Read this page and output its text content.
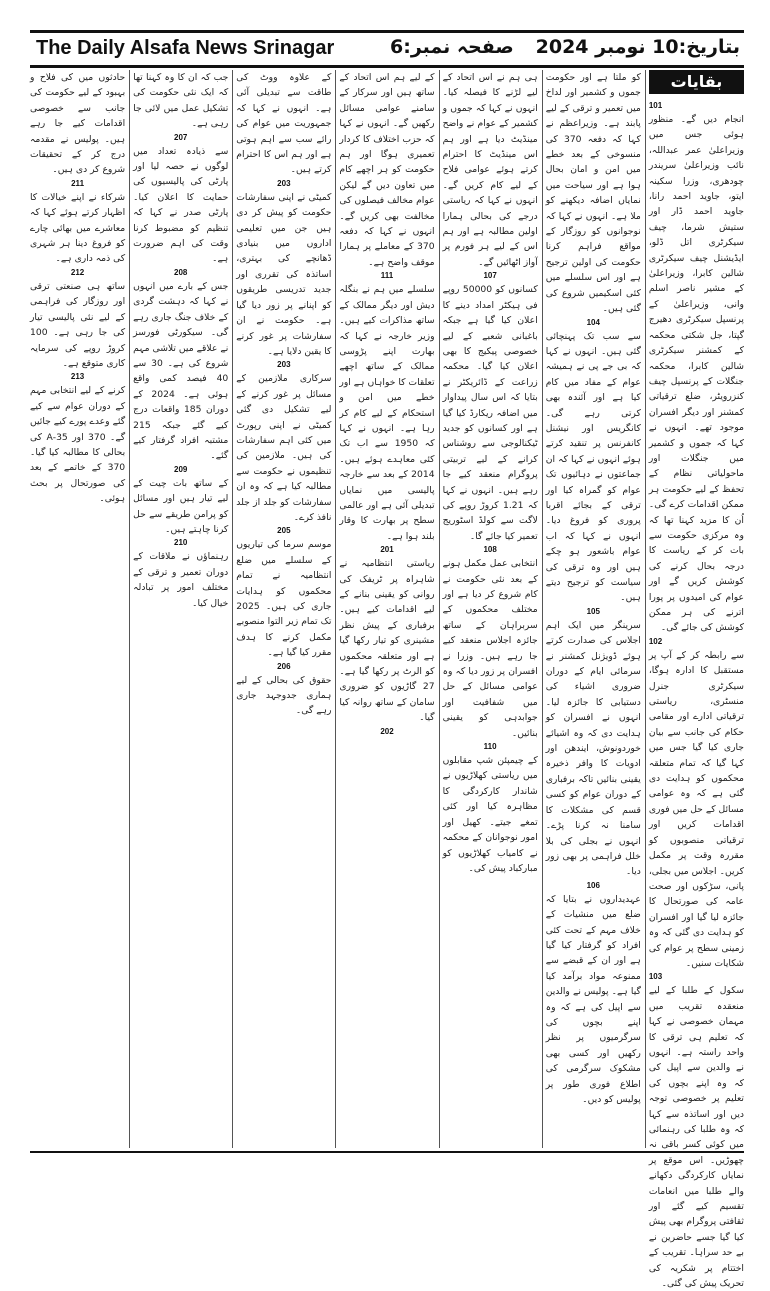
The Daily Alsafa News Srinagar	صفحہ نمبر:6 بتاریخ:10 نومبر 2024
بقایات
101
انجام دیں گے۔ منظور ہوئی جس میں وزیراعلیٰ عمر عبداللہ، نائب وزیراعلیٰ سریندر چودھری، وزرا سکینہ ایتو، جاوید احمد رانا، جاوید احمد ڈار اور ستیش شرما، چیف سیکرٹری اتل ڈلو، ایڈیشنل چیف سیکرٹری شالین کابرا، وزیراعلیٰ کے مشیر ناصر اسلم وانی، وزیراعلیٰ کے پرنسپل سیکرٹری دھیرج گپتا، جل شکتی محکمہ کے کمشنر سیکرٹری شالین کابرا، محکمہ جنگلات کے پرنسپل چیف کنزرویٹر، ضلع ترقیاتی کمشنر اور دیگر افسران موجود تھے۔ انہوں نے کہا کہ جموں و کشمیر میں جنگلات اور ماحولیاتی نظام کے تحفظ کے لیے حکومت ہر ممکن اقدامات کرے گی۔ اُن کا مزید کہنا تھا کہ وہ مرکزی حکومت سے بات کر کے ریاست کا درجہ بحال کرنے کی کوشش کریں گے اور عوام کی امیدوں پر پورا اترنے کی ہر ممکن کوشش کی جائے گی۔
102
سے رابطہ کر کے آپ پر مستقبل کا ادارہ ہوگا، سیکرٹری جنرل منسٹری، ریاستی ترقیاتی ادارے اور مقامی حکام کی جانب سے بیان جاری کیا گیا جس میں کہا گیا کہ تمام متعلقہ محکموں کو ہدایت دی گئی ہے کہ وہ عوامی مسائل کے حل میں فوری اقدامات کریں اور ترقیاتی منصوبوں کو مقررہ وقت پر مکمل کریں۔ اجلاس میں بجلی، پانی، سڑکوں اور صحت عامہ کی صورتحال کا جائزہ لیا گیا اور افسران کو ہدایت دی گئی کہ وہ زمینی سطح پر عوام کی شکایات سنیں۔
103
سکول کے طلبا کے لیے منعقدہ تقریب میں مہمان خصوصی نے کہا کہ تعلیم ہی ترقی کا واحد راستہ ہے۔ انہوں نے والدین سے اپیل کی کہ وہ اپنے بچوں کی تعلیم پر خصوصی توجہ دیں اور اساتذہ سے کہا کہ وہ طلبا کی رہنمائی میں کوئی کسر باقی نہ چھوڑیں۔ اس موقع پر نمایاں کارکردگی دکھانے والے طلبا میں انعامات تقسیم کیے گئے اور ثقافتی پروگرام بھی پیش کیا گیا جسے حاضرین نے بے حد سراہا۔ تقریب کے اختتام پر شکریہ کی تحریک پیش کی گئی۔
کو ملتا ہے اور حکومت جموں و کشمیر اور لداخ میں تعمیر و ترقی کے لیے پابند ہے۔ وزیراعظم نے کہا کہ دفعہ 370 کی منسوخی کے بعد خطے میں امن و امان بحال ہوا ہے اور سیاحت میں نمایاں اضافہ دیکھنے کو ملا ہے۔ انہوں نے کہا کہ نوجوانوں کو روزگار کے مواقع فراہم کرنا حکومت کی اولین ترجیح ہے اور اس سلسلے میں کئی اسکیمیں شروع کی گئی ہیں۔
104
سے سب تک پہنچائی گئی ہیں۔ انہوں نے کہا کہ بی جے پی نے ہمیشہ عوام کے مفاد میں کام کیا ہے اور آئندہ بھی کرتی رہے گی۔ کانگریس اور نیشنل کانفرنس پر تنقید کرتے ہوئے انہوں نے کہا کہ ان جماعتوں نے دہائیوں تک عوام کو گمراہ کیا اور ترقی کے بجائے اقربا پروری کو فروغ دیا۔ انہوں نے کہا کہ اب عوام باشعور ہو چکے ہیں اور وہ ترقی کی سیاست کو ترجیح دیتے ہیں۔
105
سرینگر میں ایک اہم اجلاس کی صدارت کرتے ہوئے ڈویژنل کمشنر نے سرمائی ایام کے دوران ضروری اشیاء کی دستیابی کا جائزہ لیا۔ انہوں نے افسران کو ہدایت دی کہ وہ اشیائے خوردونوش، ایندھن اور ادویات کا وافر ذخیرہ یقینی بنائیں تاکہ برفباری کے دوران عوام کو کسی قسم کی مشکلات کا سامنا نہ کرنا پڑے۔ انہوں نے بجلی کی بلا خلل فراہمی پر بھی زور دیا۔
106
عہدیداروں نے بتایا کہ ضلع میں منشیات کے خلاف مہم کے تحت کئی افراد کو گرفتار کیا گیا ہے اور ان کے قبضے سے ممنوعہ مواد برآمد کیا گیا ہے۔ پولیس نے والدین سے اپیل کی ہے کہ وہ اپنے بچوں کی سرگرمیوں پر نظر رکھیں اور کسی بھی مشکوک سرگرمی کی اطلاع فوری طور پر پولیس کو دیں۔
ہی ہم نے اس اتحاد کے لیے لڑنے کا فیصلہ کیا۔ انہوں نے کہا کہ جموں و کشمیر کے عوام نے واضح مینڈیٹ دیا ہے اور ہم اس مینڈیٹ کا احترام کرتے ہوئے عوامی فلاح کے لیے کام کریں گے۔ انہوں نے کہا کہ ریاستی درجے کی بحالی ہمارا اولین مطالبہ ہے اور ہم اس کے لیے ہر فورم پر آواز اٹھائیں گے۔
107
کسانوں کو 50000 روپے فی ہیکٹر امداد دینے کا اعلان کیا گیا ہے جبکہ باغبانی شعبے کے لیے خصوصی پیکیج کا بھی اعلان کیا گیا۔ محکمہ زراعت کے ڈائریکٹر نے بتایا کہ اس سال پیداوار میں اضافہ ریکارڈ کیا گیا ہے اور کسانوں کو جدید ٹیکنالوجی سے روشناس کرانے کے لیے تربیتی پروگرام منعقد کیے جا رہے ہیں۔ انہوں نے کہا کہ 1.21 کروڑ روپے کی لاگت سے کولڈ اسٹوریج تعمیر کیا جائے گا۔
108
انتخابی عمل مکمل ہونے کے بعد نئی حکومت نے کام شروع کر دیا ہے اور مختلف محکموں کے سربراہان کے ساتھ جائزہ اجلاس منعقد کیے جا رہے ہیں۔ وزرا نے افسران پر زور دیا کہ وہ عوامی مسائل کے حل میں شفافیت اور جوابدہی کو یقینی بنائیں۔
110
کے چیمپئن شپ مقابلوں میں ریاستی کھلاڑیوں نے شاندار کارکردگی کا مظاہرہ کیا اور کئی تمغے جیتے۔ کھیل اور امور نوجوانان کے محکمہ نے کامیاب کھلاڑیوں کو مبارکباد پیش کی۔
کے لیے ہم اس اتحاد کے ساتھ ہیں اور سرکار کے سامنے عوامی مسائل رکھیں گے۔ انہوں نے کہا کہ حزب اختلاف کا کردار تعمیری ہوگا اور ہم حکومت کو ہر اچھے کام میں تعاون دیں گے لیکن عوام مخالف فیصلوں کی مخالفت بھی کریں گے۔ انہوں نے کہا کہ دفعہ 370 کے معاملے پر ہمارا موقف واضح ہے۔
111
سلسلے میں ہم نے بنگلہ دیش اور دیگر ممالک کے ساتھ مذاکرات کیے ہیں۔ وزیر خارجہ نے کہا کہ بھارت اپنے پڑوسی ممالک کے ساتھ اچھے تعلقات کا خواہاں ہے اور خطے میں امن و استحکام کے لیے کام کر رہا ہے۔ انہوں نے کہا کہ 1950 سے اب تک کئی معاہدے ہوئے ہیں۔ 2014 کے بعد سے خارجہ پالیسی میں نمایاں تبدیلی آئی ہے اور عالمی سطح پر بھارت کا وقار بلند ہوا ہے۔
201
ریاستی انتظامیہ نے شاہراہ پر ٹریفک کی روانی کو یقینی بنانے کے لیے اقدامات کیے ہیں۔ برفباری کے پیش نظر مشینری کو تیار رکھا گیا ہے اور متعلقہ محکموں کو الرٹ پر رکھا گیا ہے۔ 27 گاڑیوں کو ضروری سامان کے ساتھ روانہ کیا گیا۔
202
کے علاوہ ووٹ کی طاقت سے تبدیلی آئی ہے۔ انہوں نے کہا کہ جمہوریت میں عوام کی رائے سب سے اہم ہوتی ہے اور ہم اس کا احترام کرتے ہیں۔
203
کمیٹی نے اپنی سفارشات حکومت کو پیش کر دی ہیں جن میں تعلیمی اداروں میں بنیادی ڈھانچے کی بہتری، اساتذہ کی تقرری اور جدید تدریسی طریقوں کو اپنانے پر زور دیا گیا ہے۔ حکومت نے ان سفارشات پر غور کرنے کا یقین دلایا ہے۔
203
سرکاری ملازمین کے مسائل پر غور کرنے کے لیے تشکیل دی گئی کمیٹی نے اپنی رپورٹ میں کئی اہم سفارشات کی ہیں۔ ملازمین کی تنظیموں نے حکومت سے مطالبہ کیا ہے کہ وہ ان سفارشات کو جلد از جلد نافذ کرے۔
205
موسم سرما کی تیاریوں کے سلسلے میں ضلع انتظامیہ نے تمام محکموں کو ہدایات جاری کی ہیں۔ 2025 تک تمام زیر التوا منصوبے مکمل کرنے کا ہدف مقرر کیا گیا ہے۔
206
حقوق کی بحالی کے لیے ہماری جدوجہد جاری رہے گی۔
جب کہ ان کا وہ کہنا تھا کہ ایک نئی حکومت کی تشکیل عمل میں لائی جا رہی ہے۔
207
سے ذیادہ تعداد میں لوگوں نے حصہ لیا اور پارٹی کی پالیسیوں کی حمایت کا اعلان کیا۔ پارٹی صدر نے کہا کہ تنظیم کو مضبوط کرنا وقت کی اہم ضرورت ہے۔
208
جس کے بارے میں انہوں نے کہا کہ دہشت گردی کے خلاف جنگ جاری رہے گی۔ سیکورٹی فورسز نے علاقے میں تلاشی مہم شروع کی ہے۔ 30 سے 40 فیصد کمی واقع ہوئی ہے۔ 2024 کے دوران 185 واقعات درج کیے گئے جبکہ 215 مشتبہ افراد گرفتار کیے گئے۔
209
کے ساتھ بات چیت کے لیے تیار ہیں اور مسائل کو پرامن طریقے سے حل کرنا چاہتے ہیں۔
210
رہنماؤں نے ملاقات کے دوران تعمیر و ترقی کے مختلف امور پر تبادلہ خیال کیا۔
حادثوں میں کی فلاح و بہبود کے لیے حکومت کی جانب سے خصوصی اقدامات کیے جا رہے ہیں۔ پولیس نے مقدمہ درج کر کے تحقیقات شروع کر دی ہیں۔
211
شرکاء نے اپنے خیالات کا اظہار کرتے ہوئے کہا کہ معاشرے میں بھائی چارے کو فروغ دینا ہر شہری کی ذمہ داری ہے۔
212
ساتھ ہی صنعتی ترقی اور روزگار کی فراہمی کے لیے نئی پالیسی تیار کی جا رہی ہے۔ 100 کروڑ روپے کی سرمایہ کاری متوقع ہے۔
213
کرنے کے لیے انتخابی مہم کے دوران عوام سے کیے گئے وعدے پورے کیے جائیں گے۔ 370 اور 35-A کی بحالی کا مطالبہ کیا گیا۔ 370 کے خاتمے کے بعد کی صورتحال پر بحث ہوئی۔
